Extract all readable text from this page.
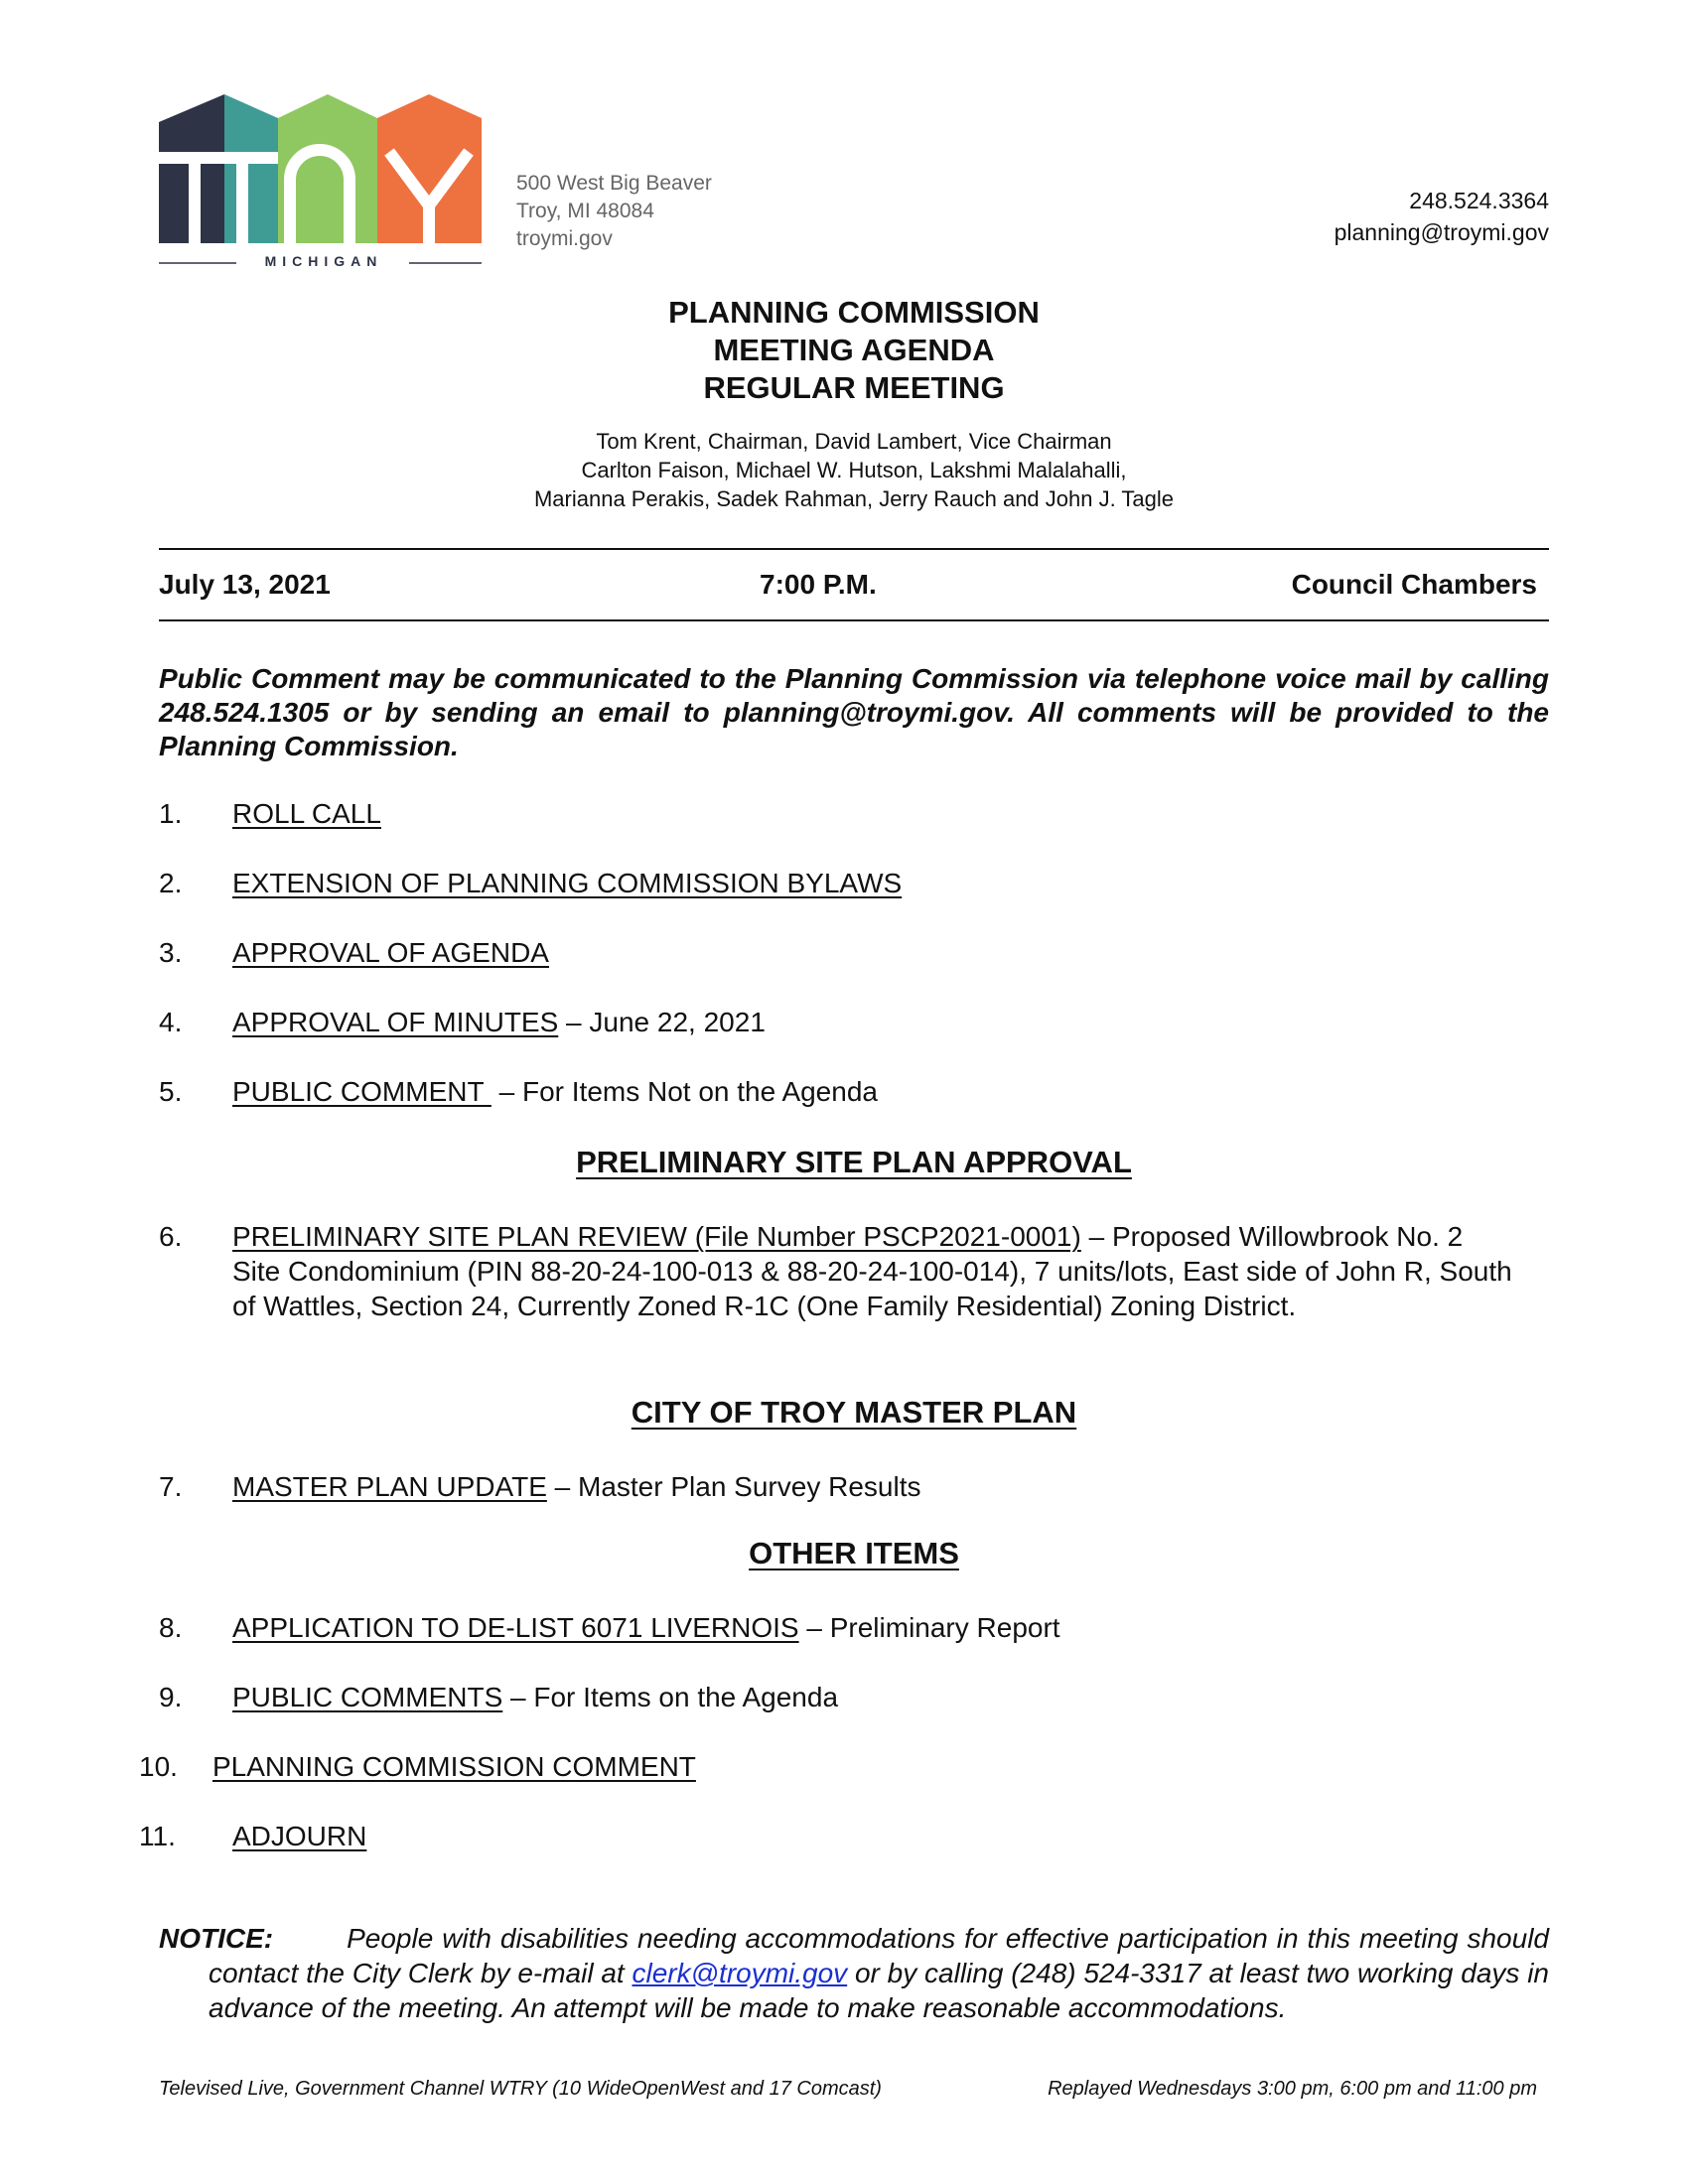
MICHIGAN
500 West Big Beaver
Troy, MI 48084
troymi.gov
248.524.3364
planning@troymi.gov

PLANNING COMMISSION

MEETING AGENDA

REGULAR MEETING

Tom Krent, Chairman, David Lambert, Vice Chairman
Carlton Faison, Michael W. Hutson, Lakshmi Malalahalli,
Marianna Perakis, Sadek Rahman, Jerry Rauch and John J. Tagle
July 13, 2021	7:00 P.M.	Council Chambers

Public Comment may be communicated to the Planning Commission via telephone voice mail by calling 248.524.1305 or by sending an email to planning@troymi.gov. All comments will be provided to the Planning Commission.

1. ROLL CALL
2. EXTENSION OF PLANNING COMMISSION BYLAWS
3. APPROVAL OF AGENDA
4. APPROVAL OF MINUTES – June 22, 2021
5. PUBLIC COMMENT  – For Items Not on the Agenda
PRELIMINARY SITE PLAN APPROVAL
6. PRELIMINARY SITE PLAN REVIEW (File Number PSCP2021-0001) – Proposed Willowbrook No. 2 Site Condominium (PIN 88-20-24-100-013 & 88-20-24-100-014), 7 units/lots, East side of John R, South of Wattles, Section 24, Currently Zoned R-1C (One Family Residential) Zoning District.
CITY OF TROY MASTER PLAN
7. MASTER PLAN UPDATE – Master Plan Survey Results
OTHER ITEMS
8. APPLICATION TO DE-LIST 6071 LIVERNOIS – Preliminary Report
9. PUBLIC COMMENTS – For Items on the Agenda
10. PLANNING COMMISSION COMMENT
11. ADJOURN

NOTICE:	People with disabilities needing accommodations for effective participation in this meeting should contact the City Clerk by e-mail at clerk@troymi.gov or by calling (248) 524-3317 at least two working days in advance of the meeting. An attempt will be made to make reasonable accommodations.

Televised Live, Government Channel WTRY (10 WideOpenWest and 17 Comcast)	Replayed Wednesdays 3:00 pm, 6:00 pm and 11:00 pm
